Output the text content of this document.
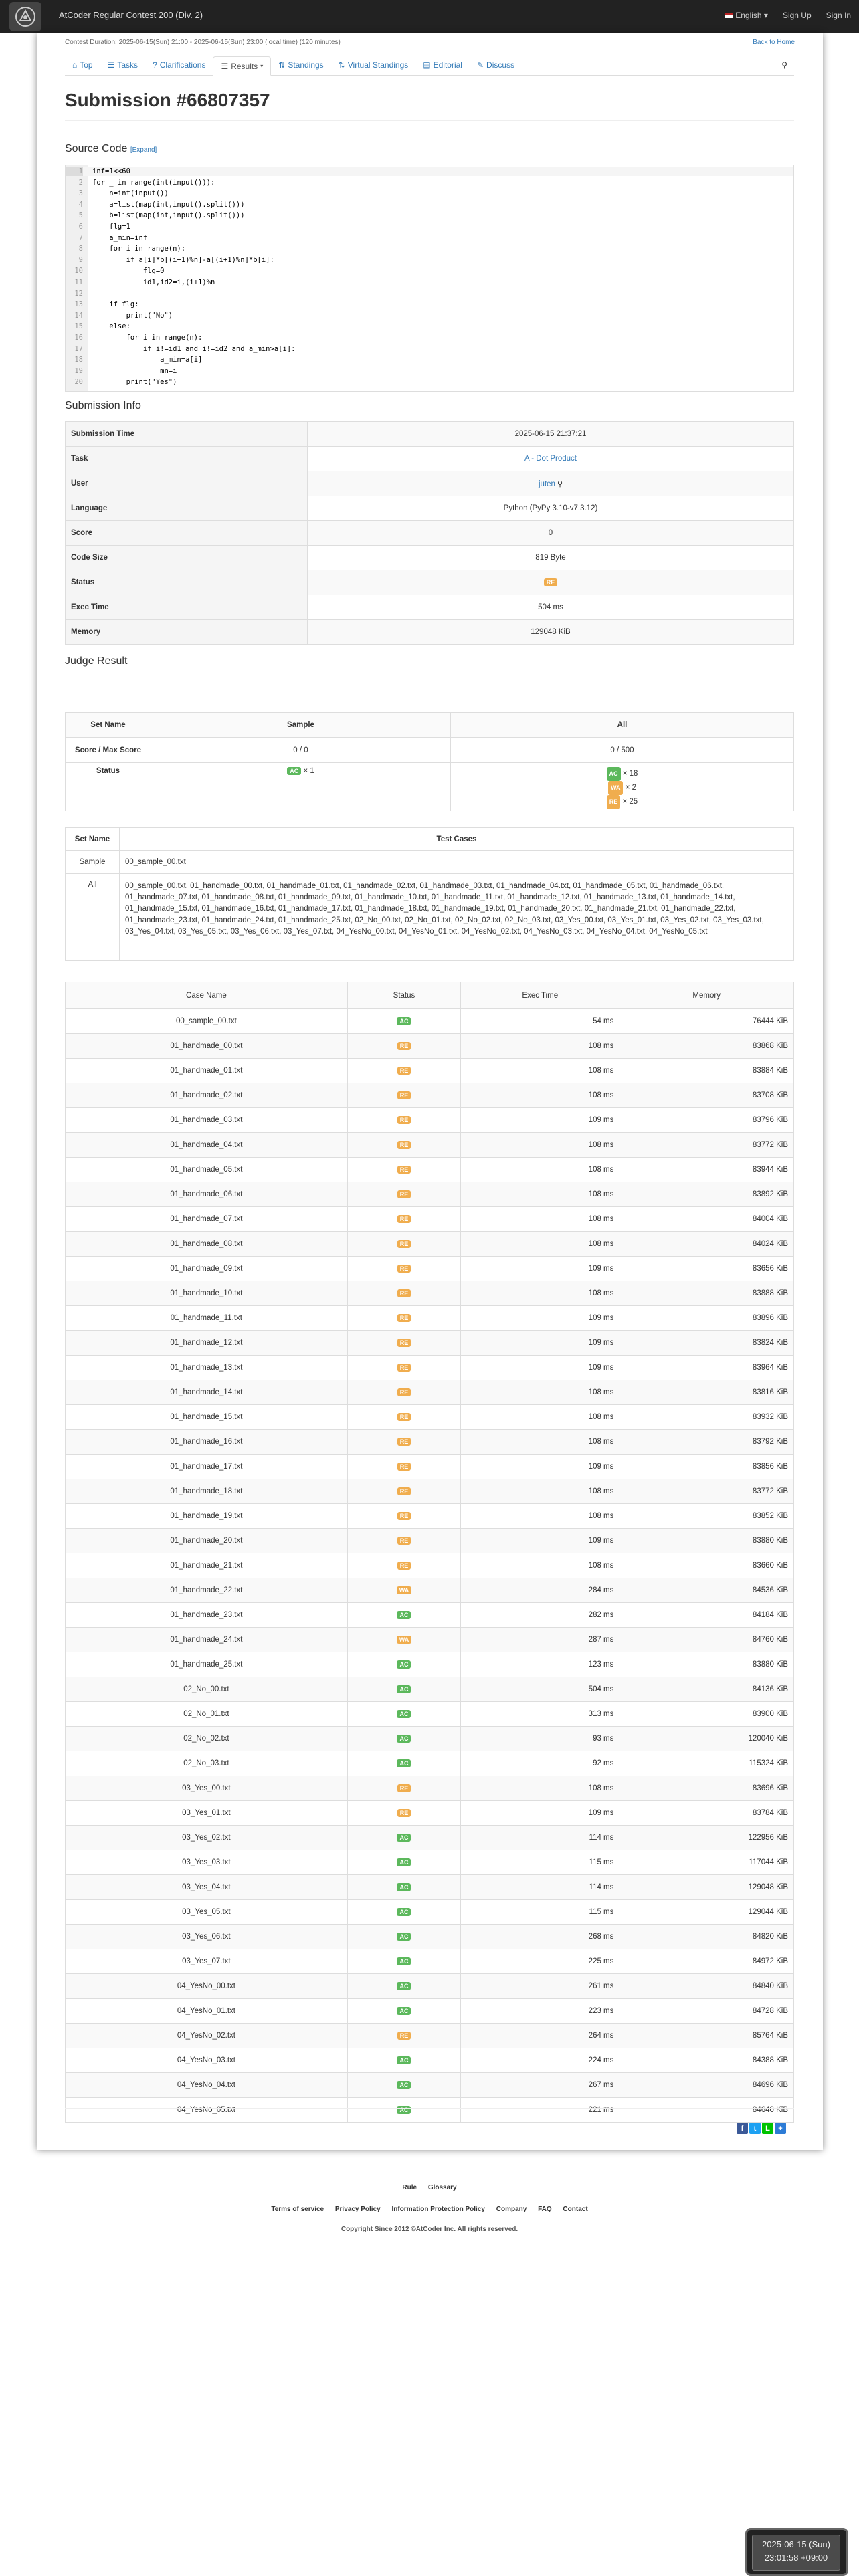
AtCoder Regular Contest 200 (Div. 2)	English ▾ Sign Up Sign In
Contest Duration: 2025-06-15(Sun) 21:00 - 2025-06-15(Sun) 23:00 (local time) (120 minutes)	Back to Home
⌂ Top ☰ Tasks ? Clarifications ☰ Results ▾ ⇅ Standings ⇅ Virtual Standings ▤ Editorial ✎ Discuss	⚲
Submission #66807357
Source Code [Expand]
1 inf=1<<60
2 for _ in range(int(input())):
3 n=int(input())
4 a=list(map(int,input().split()))
5 b=list(map(int,input().split()))
6 flg=1
7 a_min=inf
8 for i in range(n):
9 if a[i]*b[(i+1)%n]-a[(i+1)%n]*b[i]:
10 flg=0
11 id1,id2=i,(i+1)%n
12
13 if flg:
14 print("No")
15 else:
16 for i in range(n):
17 if i!=id1 and i!=id2 and a_min>a[i]:
18 a_min=a[i]
19 mn=i
20 print("Yes")
Submission Info
Submission Time	2025-06-15 21:37:21
Task	A - Dot Product
User	juten ⚲
Language	Python (PyPy 3.10-v7.3.12)
Score	0
Code Size	819 Byte
Status	RE
Exec Time	504 ms
Memory	129048 KiB
Judge Result
Set Name	Sample	All
Score / Max Score	0 / 0	0 / 500
Status	AC × 1	AC × 18
WA × 2
RE × 25
Set Name	Test Cases
Sample	00_sample_00.txt
All	00_sample_00.txt, 01_handmade_00.txt, 01_handmade_01.txt, 01_handmade_02.txt, 01_handmade_03.txt, 01_handmade_04.txt, 01_handmade_05.txt, 01_handmade_06.txt, 01_handmade_07.txt, 01_handmade_08.txt, 01_handmade_09.txt, 01_handmade_10.txt, 01_handmade_11.txt, 01_handmade_12.txt, 01_handmade_13.txt, 01_handmade_14.txt, 01_handmade_15.txt, 01_handmade_16.txt, 01_handmade_17.txt, 01_handmade_18.txt, 01_handmade_19.txt, 01_handmade_20.txt, 01_handmade_21.txt, 01_handmade_22.txt, 01_handmade_23.txt, 01_handmade_24.txt, 01_handmade_25.txt, 02_No_00.txt, 02_No_01.txt, 02_No_02.txt, 02_No_03.txt, 03_Yes_00.txt, 03_Yes_01.txt, 03_Yes_02.txt, 03_Yes_03.txt, 03_Yes_04.txt, 03_Yes_05.txt, 03_Yes_06.txt, 03_Yes_07.txt, 04_YesNo_00.txt, 04_YesNo_01.txt, 04_YesNo_02.txt, 04_YesNo_03.txt, 04_YesNo_04.txt, 04_YesNo_05.txt
Case Name	Status	Exec Time	Memory
00_sample_00.txt	AC	54 ms	76444 KiB
01_handmade_00.txt	RE	108 ms	83868 KiB
01_handmade_01.txt	RE	108 ms	83884 KiB
01_handmade_02.txt	RE	108 ms	83708 KiB
01_handmade_03.txt	RE	109 ms	83796 KiB
01_handmade_04.txt	RE	108 ms	83772 KiB
01_handmade_05.txt	RE	108 ms	83944 KiB
01_handmade_06.txt	RE	108 ms	83892 KiB
01_handmade_07.txt	RE	108 ms	84004 KiB
01_handmade_08.txt	RE	108 ms	84024 KiB
01_handmade_09.txt	RE	109 ms	83656 KiB
01_handmade_10.txt	RE	108 ms	83888 KiB
01_handmade_11.txt	RE	109 ms	83896 KiB
01_handmade_12.txt	RE	109 ms	83824 KiB
01_handmade_13.txt	RE	109 ms	83964 KiB
01_handmade_14.txt	RE	108 ms	83816 KiB
01_handmade_15.txt	RE	108 ms	83932 KiB
01_handmade_16.txt	RE	108 ms	83792 KiB
01_handmade_17.txt	RE	109 ms	83856 KiB
01_handmade_18.txt	RE	108 ms	83772 KiB
01_handmade_19.txt	RE	108 ms	83852 KiB
01_handmade_20.txt	RE	109 ms	83880 KiB
01_handmade_21.txt	RE	108 ms	83660 KiB
01_handmade_22.txt	WA	284 ms	84536 KiB
01_handmade_23.txt	AC	282 ms	84184 KiB
01_handmade_24.txt	WA	287 ms	84760 KiB
01_handmade_25.txt	AC	123 ms	83880 KiB
02_No_00.txt	AC	504 ms	84136 KiB
02_No_01.txt	AC	313 ms	83900 KiB
02_No_02.txt	AC	93 ms	120040 KiB
02_No_03.txt	AC	92 ms	115324 KiB
03_Yes_00.txt	RE	108 ms	83696 KiB
03_Yes_01.txt	RE	109 ms	83784 KiB
03_Yes_02.txt	AC	114 ms	122956 KiB
03_Yes_03.txt	AC	115 ms	117044 KiB
03_Yes_04.txt	AC	114 ms	129048 KiB
03_Yes_05.txt	AC	115 ms	129044 KiB
03_Yes_06.txt	AC	268 ms	84820 KiB
03_Yes_07.txt	AC	225 ms	84972 KiB
04_YesNo_00.txt	AC	261 ms	84840 KiB
04_YesNo_01.txt	AC	223 ms	84728 KiB
04_YesNo_02.txt	RE	264 ms	85764 KiB
04_YesNo_03.txt	AC	224 ms	84388 KiB
04_YesNo_04.txt	AC	267 ms	84696 KiB
04_YesNo_05.txt	AC	221 ms	84640 KiB
f	t	L	+
Rule Glossary
Terms of service Privacy Policy Information Protection Policy Company FAQ Contact
Copyright Since 2012 ©AtCoder Inc. All rights reserved.
2025-06-15 (Sun)
23:01:58 +09:00
